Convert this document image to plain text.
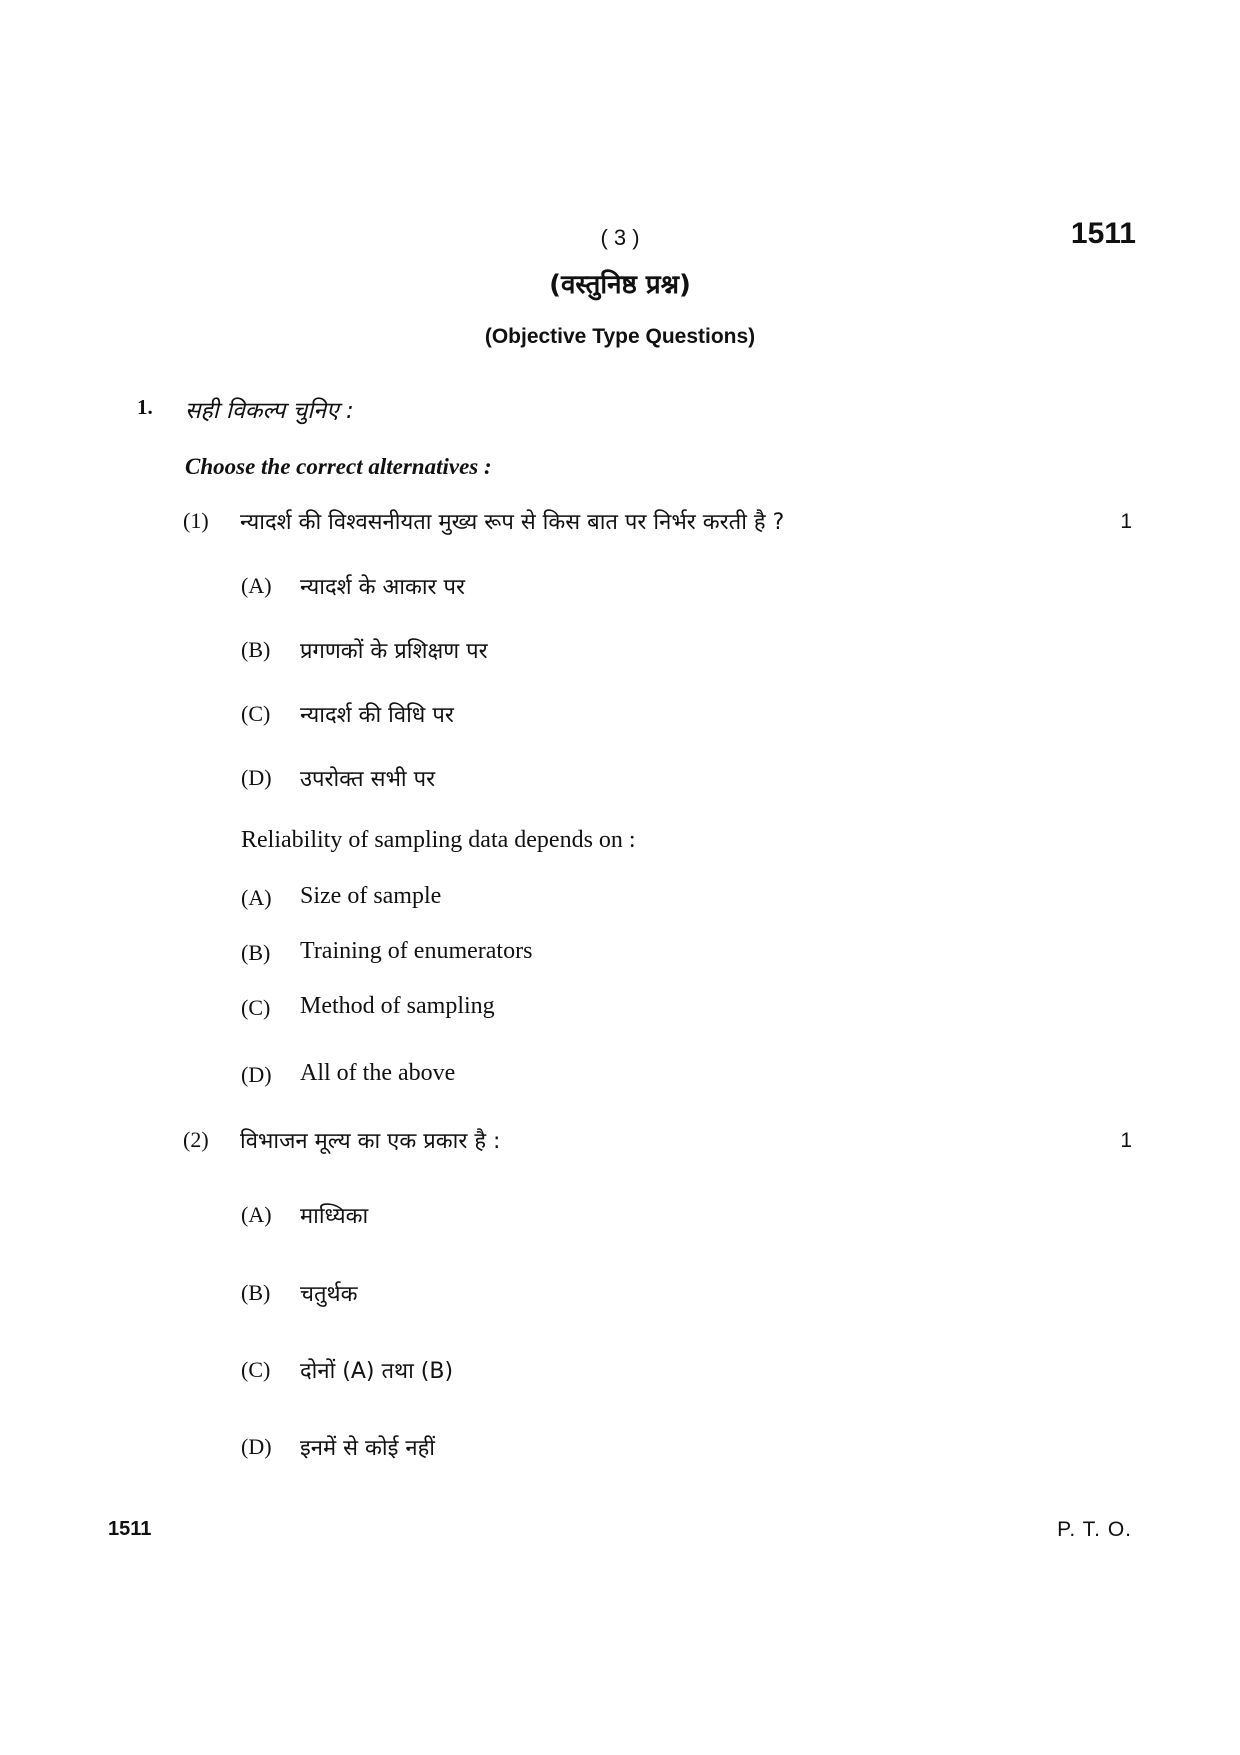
( 3 )	1511
(वस्तुनिष्ठ प्रश्न)
(Objective Type Questions)
1. सही विकल्प चुनिए :
Choose the correct alternatives :
(1) न्यादर्श की विश्वसनीयता मुख्य रूप से किस बात पर निर्भर करती है ?	1
(A) न्यादर्श के आकार पर
(B) प्रगणकों के प्रशिक्षण पर
(C) न्यादर्श की विधि पर
(D) उपरोक्त सभी पर
Reliability of sampling data depends on :
(A) Size of sample
(B) Training of enumerators
(C) Method of sampling
(D) All of the above
(2) विभाजन मूल्य का एक प्रकार है :	1
(A) माध्यिका
(B) चतुर्थक
(C) दोनों (A) तथा (B)
(D) इनमें से कोई नहीं
1511	P. T. O.
